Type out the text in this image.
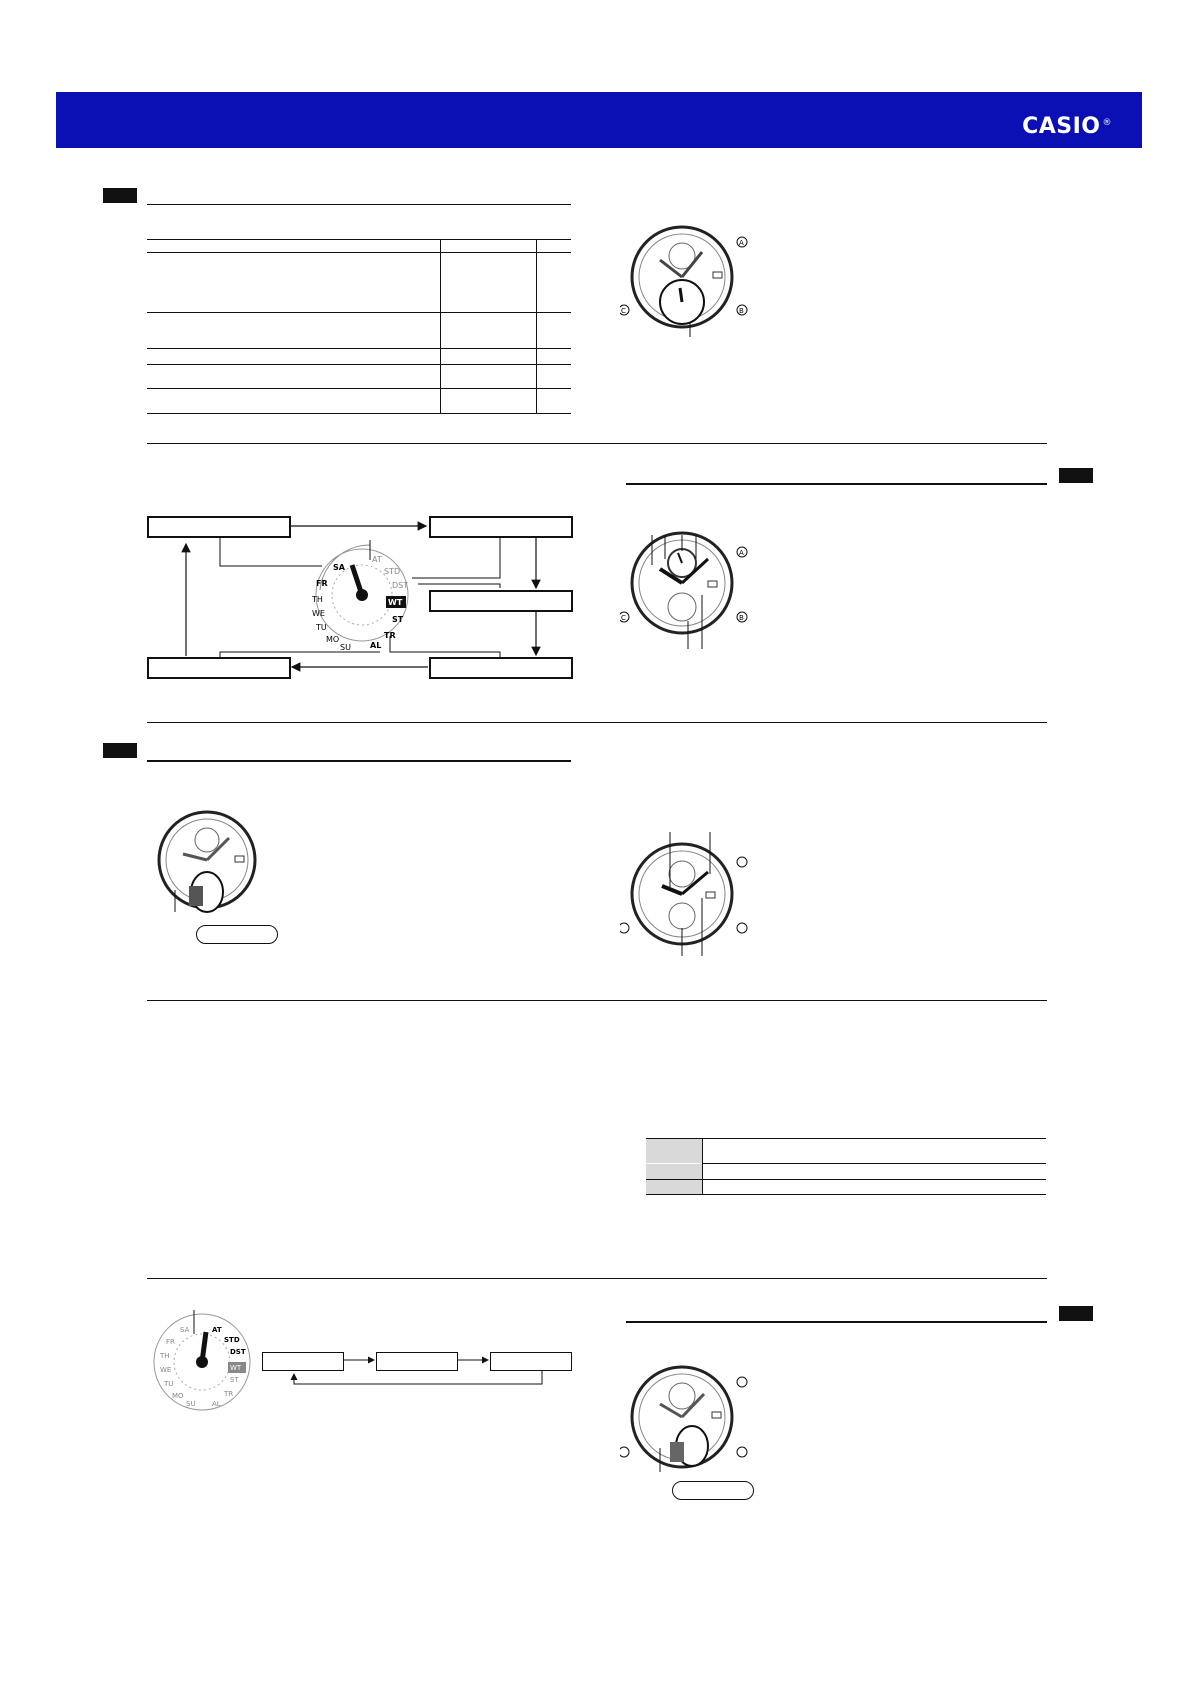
CASIO ®
A
B
C
SA
FR
TH
WE
TU
MO
SU AL
TR
ST
WT
DST
STD
AT
A
B
C
SA
FR
TH
WE
TU
MO
SU AL
TR
ST
WT
DST
STD
AT
